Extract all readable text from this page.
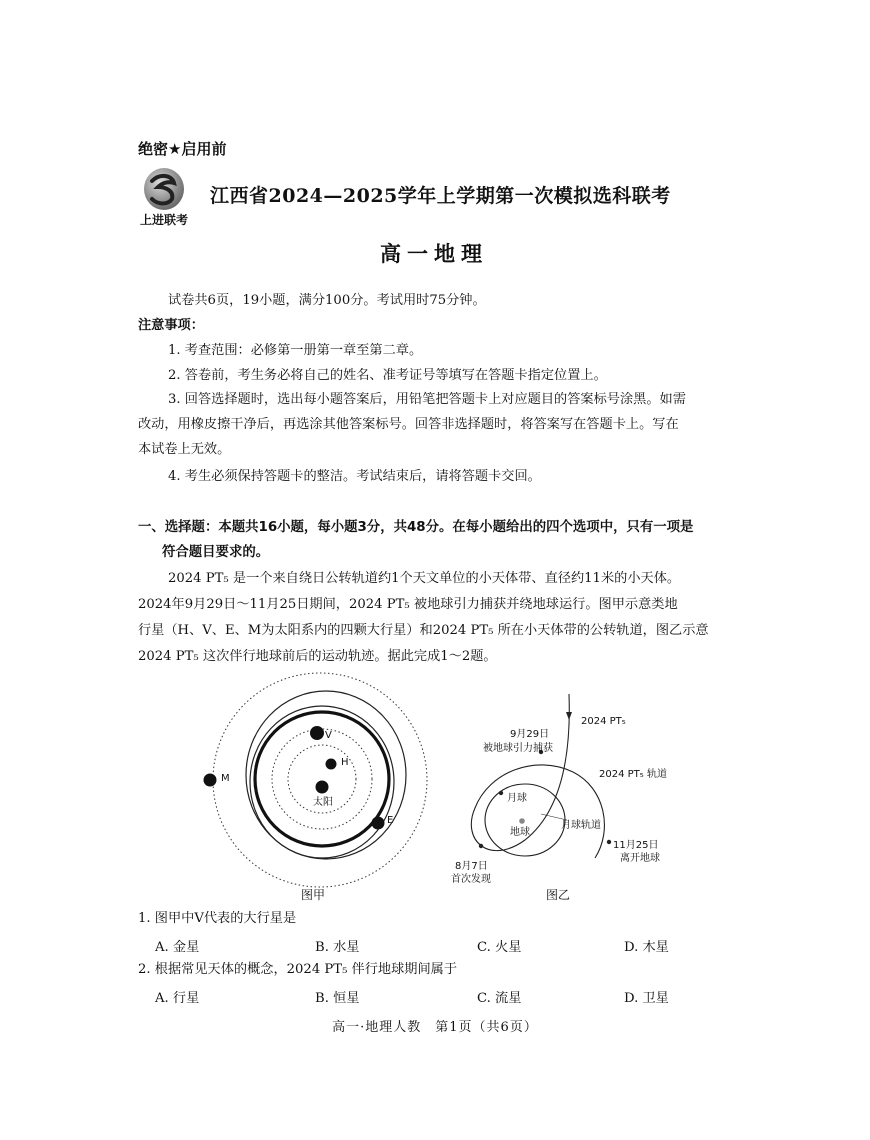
绝密★启用前
上进联考
江西省2024—2025学年上学期第一次模拟选科联考
高一地理
试卷共6页，19小题，满分100分。考试用时75分钟。
注意事项：
1. 考查范围：必修第一册第一章至第二章。
2. 答卷前，考生务必将自己的姓名、准考证号等填写在答题卡指定位置上。
3. 回答选择题时，选出每小题答案后，用铅笔把答题卡上对应题目的答案标号涂黑。如需
改动，用橡皮擦干净后，再选涂其他答案标号。回答非选择题时，将答案写在答题卡上。写在
本试卷上无效。
4. 考生必须保持答题卡的整洁。考试结束后，请将答题卡交回。
一、选择题：本题共16小题，每小题3分，共48分。在每小题给出的四个选项中，只有一项是
符合题目要求的。
2024 PT₅ 是一个来自绕日公转轨道约1个天文单位的小天体带、直径约11米的小天体。
2024年9月29日～11月25日期间，2024 PT₅ 被地球引力捕获并绕地球运行。图甲示意类地
行星（H、V、E、M为太阳系内的四颗大行星）和2024 PT₅ 所在小天体带的公转轨道，图乙示意
2024 PT₅ 这次伴行地球前后的运动轨迹。据此完成1～2题。
太阳
V
H
E
M
图甲
2024 PT₅
9月29日
被地球引力捕获
2024 PT₅ 轨道
月球
地球
月球轨道
11月25日
离开地球
8月7日
首次发现
图乙
1. 图甲中V代表的大行星是
A. 金星	B. 水星	C. 火星	D. 木星
2. 根据常见天体的概念，2024 PT₅ 伴行地球期间属于
A. 行星	B. 恒星	C. 流星	D. 卫星
高一·地理人教　第1页（共6页）
